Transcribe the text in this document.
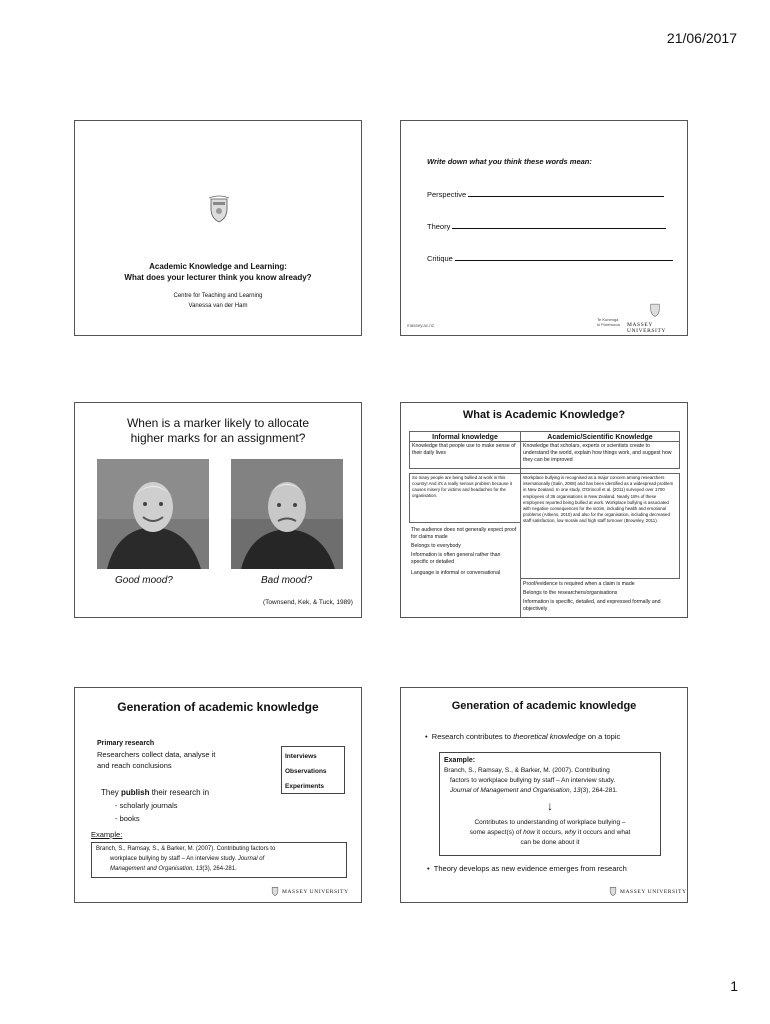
21/06/2017
1
Academic Knowledge and Learning:
What does your lecturer think you know already?
Centre for Teaching and Learning
Vanessa van der Ham
Write down what you think these words mean:
Perspective
Theory
Critique
massey.ac.nz
Te Kunenga
ki Pūrehuroa MASSEY UNIVERSITY
When is a marker likely to allocate
higher marks for an assignment?
Good mood?	Bad mood?
(Townsend, Kek, & Tuck, 1989)
What is Academic Knowledge?
Informal knowledge	Academic/Scientific Knowledge
Knowledge that people use to make sense of their daily lives
Knowledge that scholars, experts or scientists create to understand the world, explain how things work, and suggest how they can be improved
So many people are being bullied at work in this country! And it's a really serious problem because it causes misery for victims and headaches for the organisation.
Workplace bullying is recognised as a major concern among researchers internationally (Salin, 2008) and has been identified as a widespread problem in New Zealand. In one study, O'Driscoll et al. (2011) surveyed over 1700 employees of 36 organisations in New Zealand. Nearly 18% of these employees reported being bullied at work. Workplace bullying is associated with negative consequences for the victim, including health and emotional problems (Aitkens, 2010) and also for the organisation, including decreased staff satisfaction, low morale and high staff turnover (Brownley, 2011).
The audience does not generally expect proof for claims made
Belongs to everybody
Information is often general rather than specific or detailed
Language is informal or conversational
Proof/evidence is required when a claim is made
Belongs to the researchers/organisations
Information is specific, detailed, and expressed formally and objectively
Generation of academic knowledge
Primary research
Researchers collect data, analyse it
and reach conclusions
Interviews
Observations
Experiments
They publish their research in
- scholarly journals
- books
Example:
Branch, S., Ramsay, S., & Barker, M. (2007). Contributing factors to
workplace bullying by staff – An interview study. Journal of
Management and Organisation, 13(3), 264-281.
MASSEY UNIVERSITY
Generation of academic knowledge
•  Research contributes to theoretical knowledge on a topic
Example:
Branch, S., Ramsay, S., & Barker, M. (2007). Contributing
factors to workplace bullying by staff – An interview study.
Journal of Management and Organisation, 13(3), 264-281.
↓
Contributes to understanding of workplace bullying –
some aspect(s) of how it occurs, why it occurs and what
can be done about it
•  Theory develops as new evidence emerges from research
MASSEY UNIVERSITY
